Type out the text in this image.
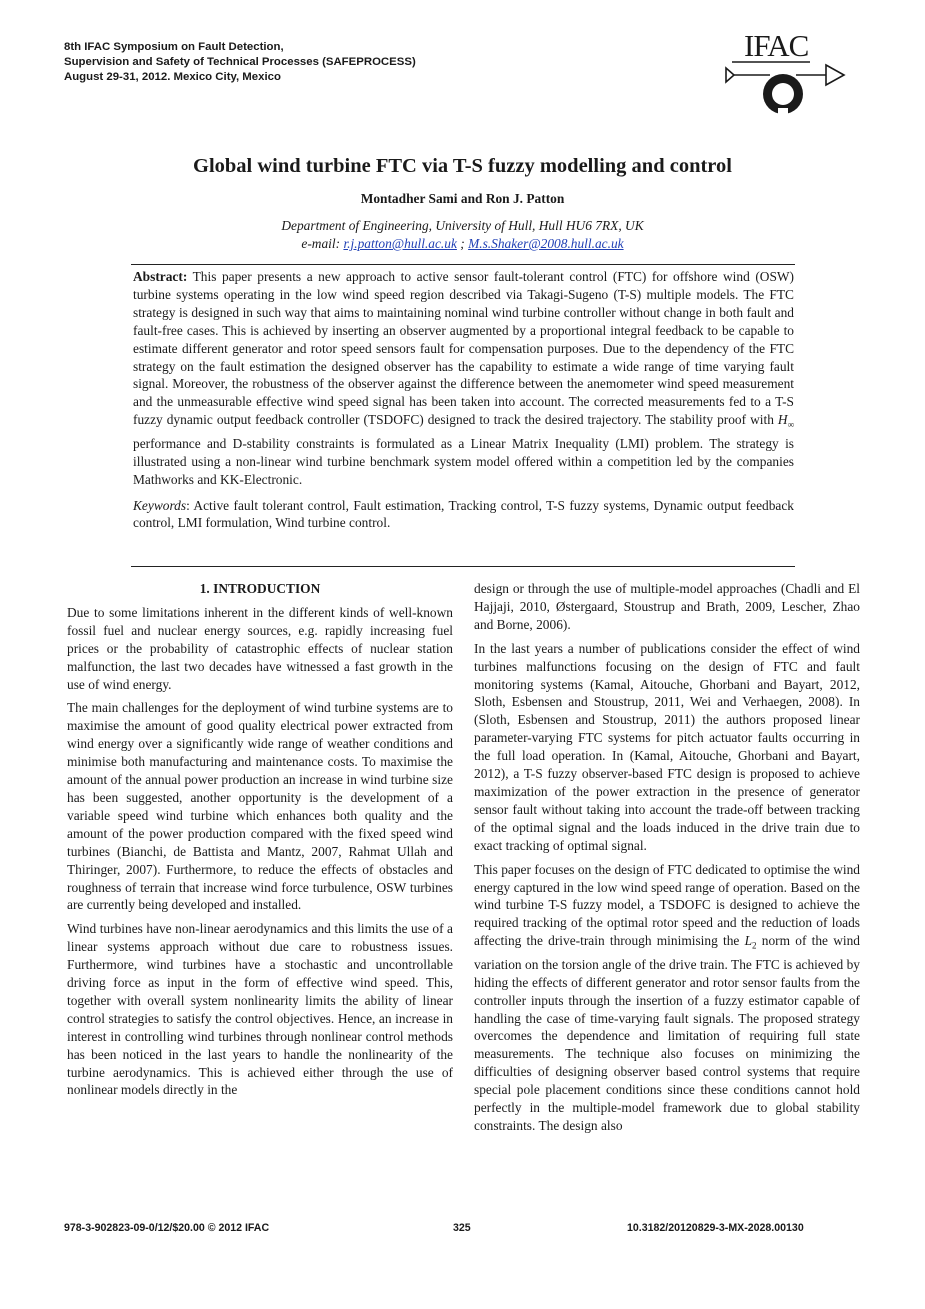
8th IFAC Symposium on Fault Detection,
Supervision and Safety of Technical Processes (SAFEPROCESS)
August 29-31, 2012. Mexico City, Mexico
IFAC
Global wind turbine FTC via T-S fuzzy modelling and control
Montadher Sami and Ron J. Patton
Department of Engineering, University of Hull, Hull HU6 7RX, UK
e-mail: r.j.patton@hull.ac.uk ; M.s.Shaker@2008.hull.ac.uk

Abstract: This paper presents a new approach to active sensor fault-tolerant control (FTC) for offshore wind (OSW) turbine systems operating in the low wind speed region described via Takagi-Sugeno (T-S) multiple models. The FTC strategy is designed in such way that aims to maintaining nominal wind turbine controller without change in both fault and fault-free cases. This is achieved by inserting an observer augmented by a proportional integral feedback to be capable to estimate different generator and rotor speed sensors fault for compensation purposes. Due to the dependency of the FTC strategy on the fault estimation the designed observer has the capability to estimate a wide range of time varying fault signal. Moreover, the robustness of the observer against the difference between the anemometer wind speed measurement and the unmeasurable effective wind speed signal has been taken into account. The corrected measurements fed to a T-S fuzzy dynamic output feedback controller (TSDOFC) designed to track the desired trajectory. The stability proof with $H_\infty$ performance and D-stability constraints is formulated as a Linear Matrix Inequality (LMI) problem. The strategy is illustrated using a non-linear wind turbine benchmark system model offered within a competition led by the companies Mathworks and KK-Electronic.

Keywords: Active fault tolerant control, Fault estimation, Tracking control, T-S fuzzy systems, Dynamic output feedback control, LMI formulation, Wind turbine control.

1. INTRODUCTION

Due to some limitations inherent in the different kinds of well-known fossil fuel and nuclear energy sources, e.g. rapidly increasing fuel prices or the probability of catastrophic effects of nuclear station malfunction, the last two decades have witnessed a fast growth in the use of wind energy.

The main challenges for the deployment of wind turbine systems are to maximise the amount of good quality electrical power extracted from wind energy over a significantly wide range of weather conditions and minimise both manufacturing and maintenance costs. To maximise the amount of the annual power production an increase in wind turbine size has been suggested, another opportunity is the development of a variable speed wind turbine which enhances both quality and the amount of the power production compared with the fixed speed wind turbines (Bianchi, de Battista and Mantz, 2007, Rahmat Ullah and Thiringer, 2007). Furthermore, to reduce the effects of obstacles and roughness of terrain that increase wind force turbulence, OSW turbines are currently being developed and installed.

Wind turbines have non-linear aerodynamics and this limits the use of a linear systems approach without due care to robustness issues. Furthermore, wind turbines have a stochastic and uncontrollable driving force as input in the form of effective wind speed. This, together with overall system nonlinearity limits the ability of linear control strategies to satisfy the control objectives. Hence, an increase in interest in controlling wind turbines through nonlinear control methods has been noticed in the last years to handle the nonlinearity of the turbine aerodynamics. This is achieved either through the use of nonlinear models directly in the

design or through the use of multiple-model approaches (Chadli and El Hajjaji, 2010, Østergaard, Stoustrup and Brath, 2009, Lescher, Zhao and Borne, 2006).

In the last years a number of publications consider the effect of wind turbines malfunctions focusing on the design of FTC and fault monitoring systems (Kamal, Aitouche, Ghorbani and Bayart, 2012, Sloth, Esbensen and Stoustrup, 2011, Wei and Verhaegen, 2008). In (Sloth, Esbensen and Stoustrup, 2011) the authors proposed linear parameter-varying FTC systems for pitch actuator faults occurring in the full load operation. In (Kamal, Aitouche, Ghorbani and Bayart, 2012), a T-S fuzzy observer-based FTC design is proposed to achieve maximization of the power extraction in the presence of generator sensor fault without taking into account the trade-off between tracking of the optimal signal and the loads induced in the drive train due to exact tracking of optimal signal.

This paper focuses on the design of FTC dedicated to optimise the wind energy captured in the low wind speed range of operation. Based on the wind turbine T-S fuzzy model, a TSDOFC is designed to achieve the required tracking of the optimal rotor speed and the reduction of loads affecting the drive-train through minimising the $L_2$ norm of the wind variation on the torsion angle of the drive train. The FTC is achieved by hiding the effects of different generator and rotor sensor faults from the controller inputs through the insertion of a fuzzy estimator capable of handling the case of time-varying fault signals. The proposed strategy overcomes the dependence and limitation of requiring full state measurements. The technique also focuses on minimizing the difficulties of designing observer based control systems that require special pole placement conditions since these conditions cannot hold perfectly in the multiple-model framework due to global stability constraints. The design also

978-3-902823-09-0/12/$20.00 © 2012 IFAC	325	10.3182/20120829-3-MX-2028.00130
